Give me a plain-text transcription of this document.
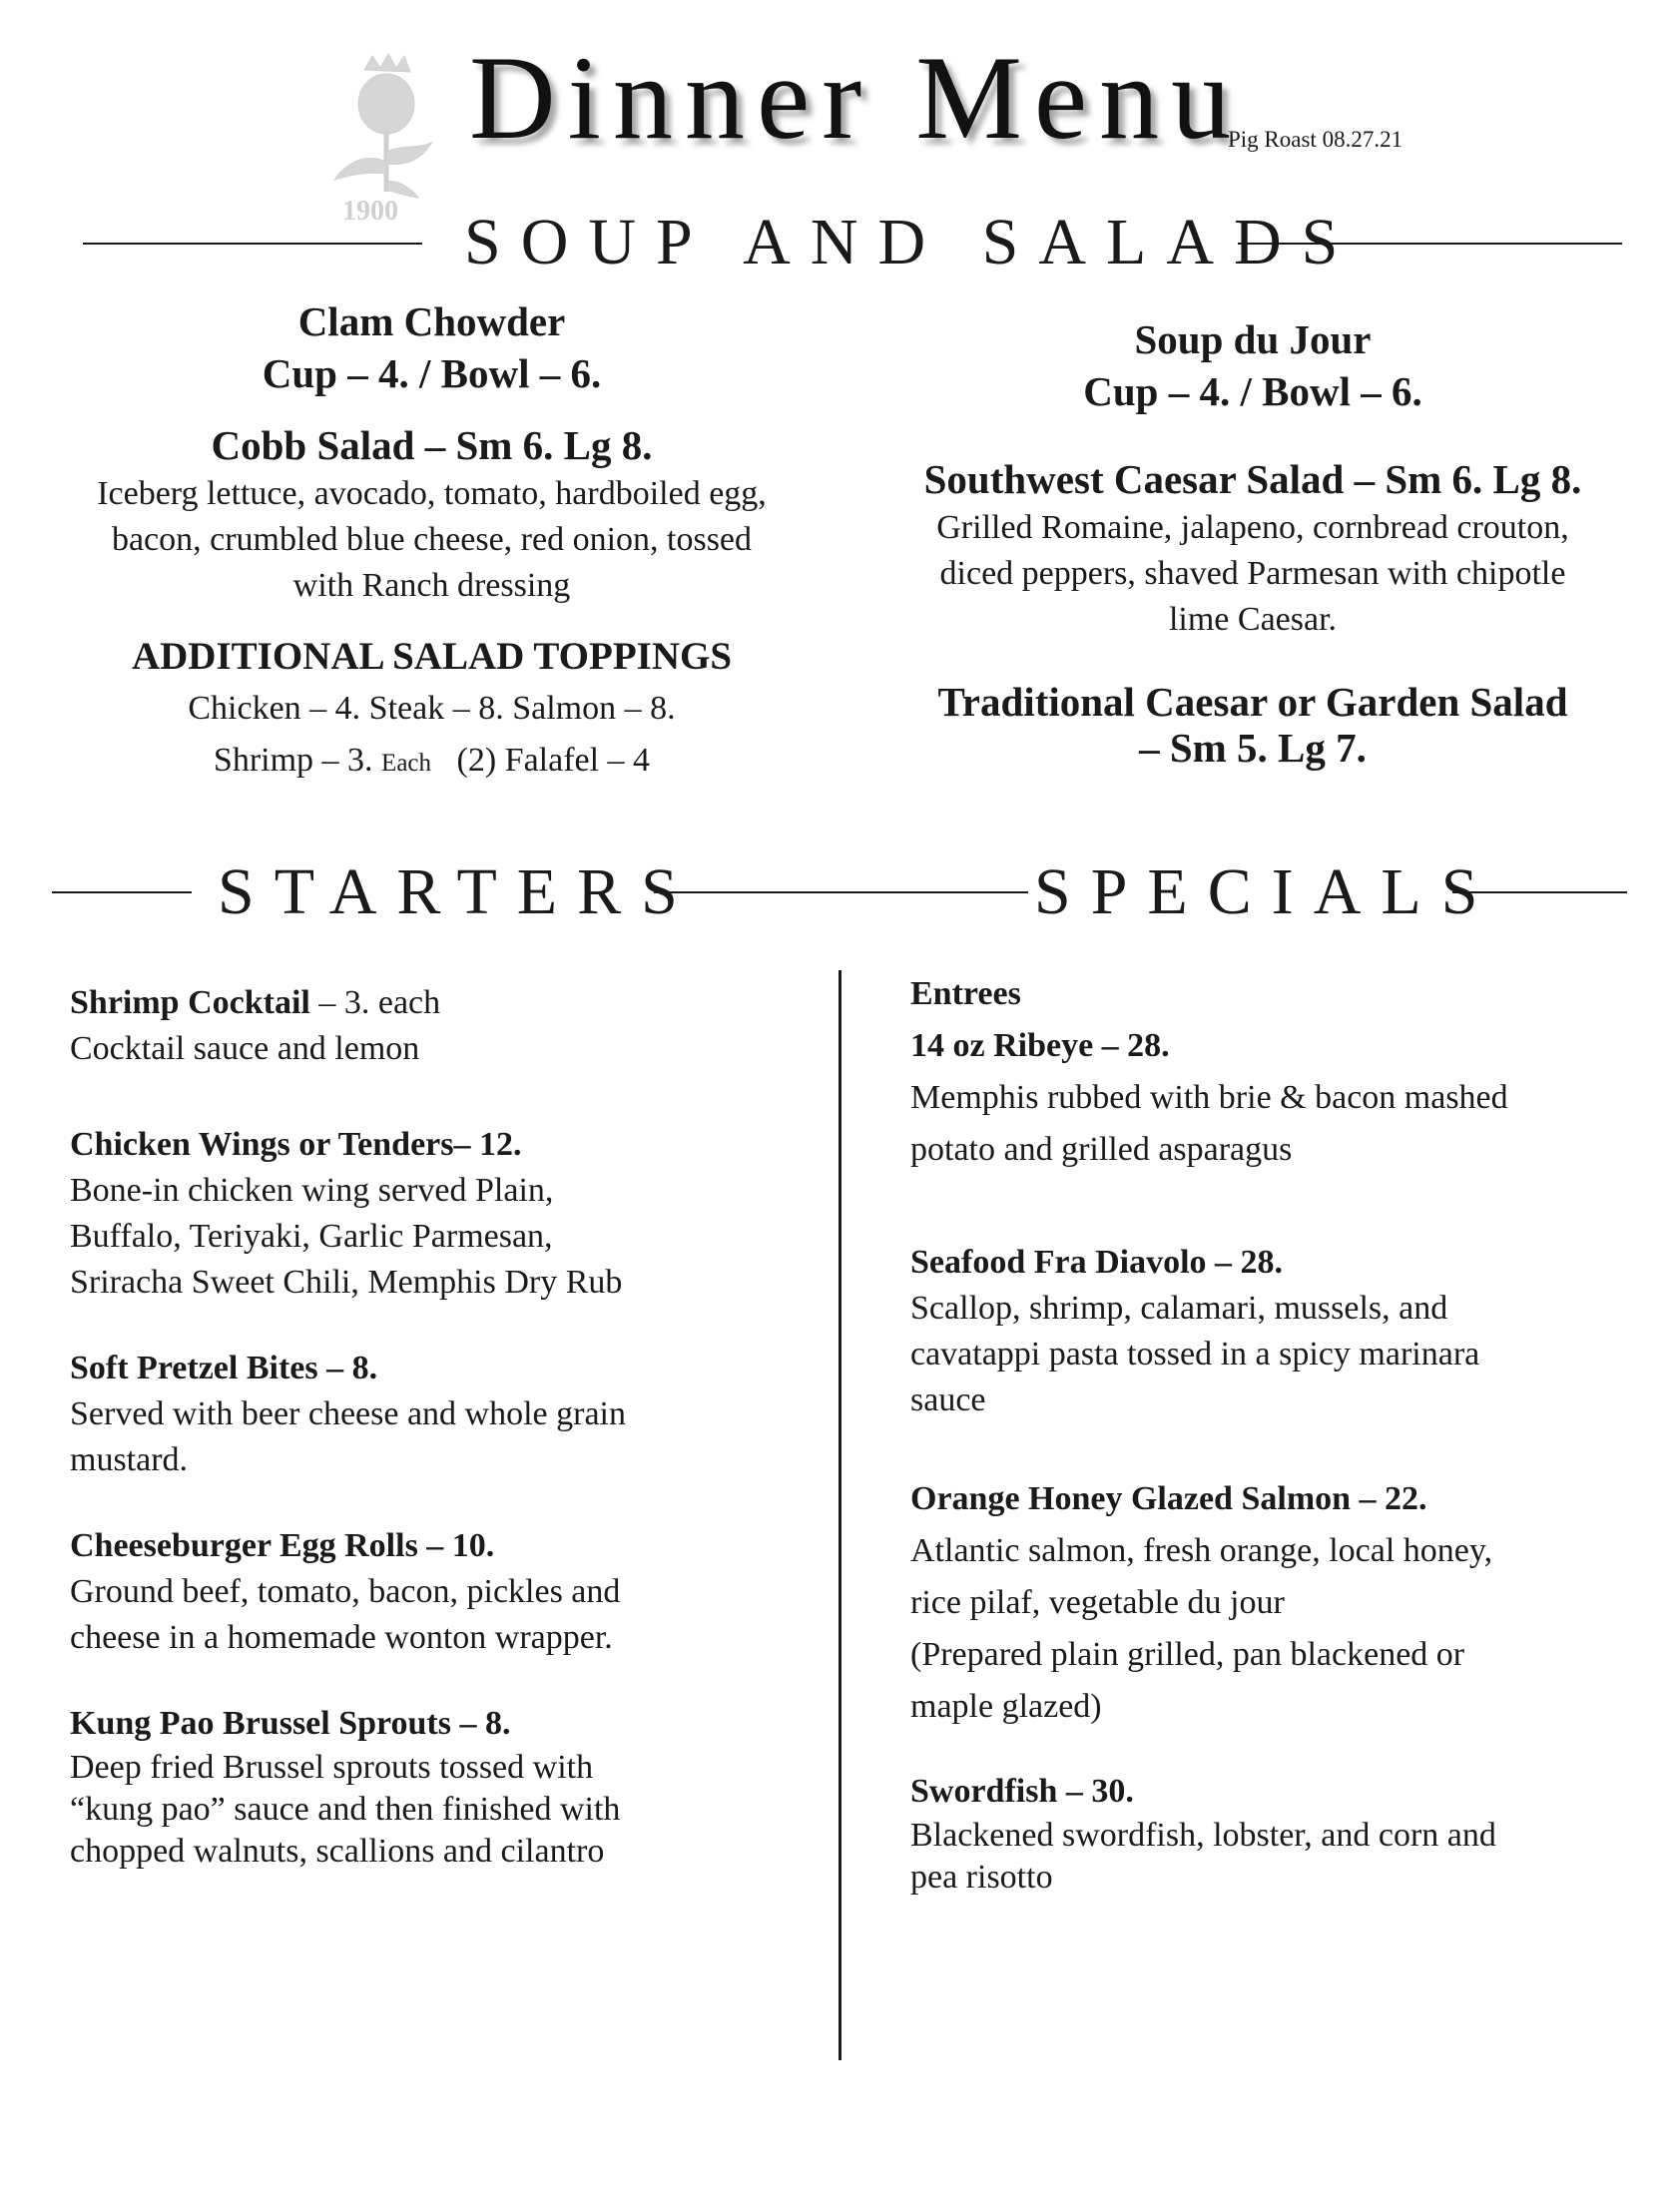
1900
Dinner Menu
Pig Roast 08.27.21
SOUP AND SALADS
Clam Chowder
Cup – 4. / Bowl – 6.
Cobb Salad – Sm 6. Lg 8.
Iceberg lettuce, avocado, tomato, hardboiled egg,
bacon, crumbled blue cheese, red onion, tossed
with Ranch dressing
ADDITIONAL SALAD TOPPINGS
Chicken – 4. Steak – 8. Salmon – 8.
Shrimp – 3. Each (2) Falafel – 4
Soup du Jour
Cup – 4. / Bowl – 6.
Southwest Caesar Salad – Sm 6. Lg 8.
Grilled Romaine, jalapeno, cornbread crouton,
diced peppers, shaved Parmesan with chipotle
lime Caesar.
Traditional Caesar or Garden Salad
– Sm 5. Lg 7.
STARTERS	SPECIALS
Shrimp Cocktail – 3. each
Cocktail sauce and lemon
Chicken Wings or Tenders– 12.
Bone-in chicken wing served Plain,
Buffalo, Teriyaki, Garlic Parmesan,
Sriracha Sweet Chili, Memphis Dry Rub
Soft Pretzel Bites – 8.
Served with beer cheese and whole grain
mustard.
Cheeseburger Egg Rolls – 10.
Ground beef, tomato, bacon, pickles and
cheese in a homemade wonton wrapper.
Kung Pao Brussel Sprouts – 8.
Deep fried Brussel sprouts tossed with
“kung pao” sauce and then finished with
chopped walnuts, scallions and cilantro
Entrees
14 oz Ribeye – 28.
Memphis rubbed with brie & bacon mashed
potato and grilled asparagus
Seafood Fra Diavolo – 28.
Scallop, shrimp, calamari, mussels, and
cavatappi pasta tossed in a spicy marinara
sauce
Orange Honey Glazed Salmon – 22.
Atlantic salmon, fresh orange, local honey,
rice pilaf, vegetable du jour
(Prepared plain grilled, pan blackened or
maple glazed)
Swordfish – 30.
Blackened swordfish, lobster, and corn and
pea risotto
